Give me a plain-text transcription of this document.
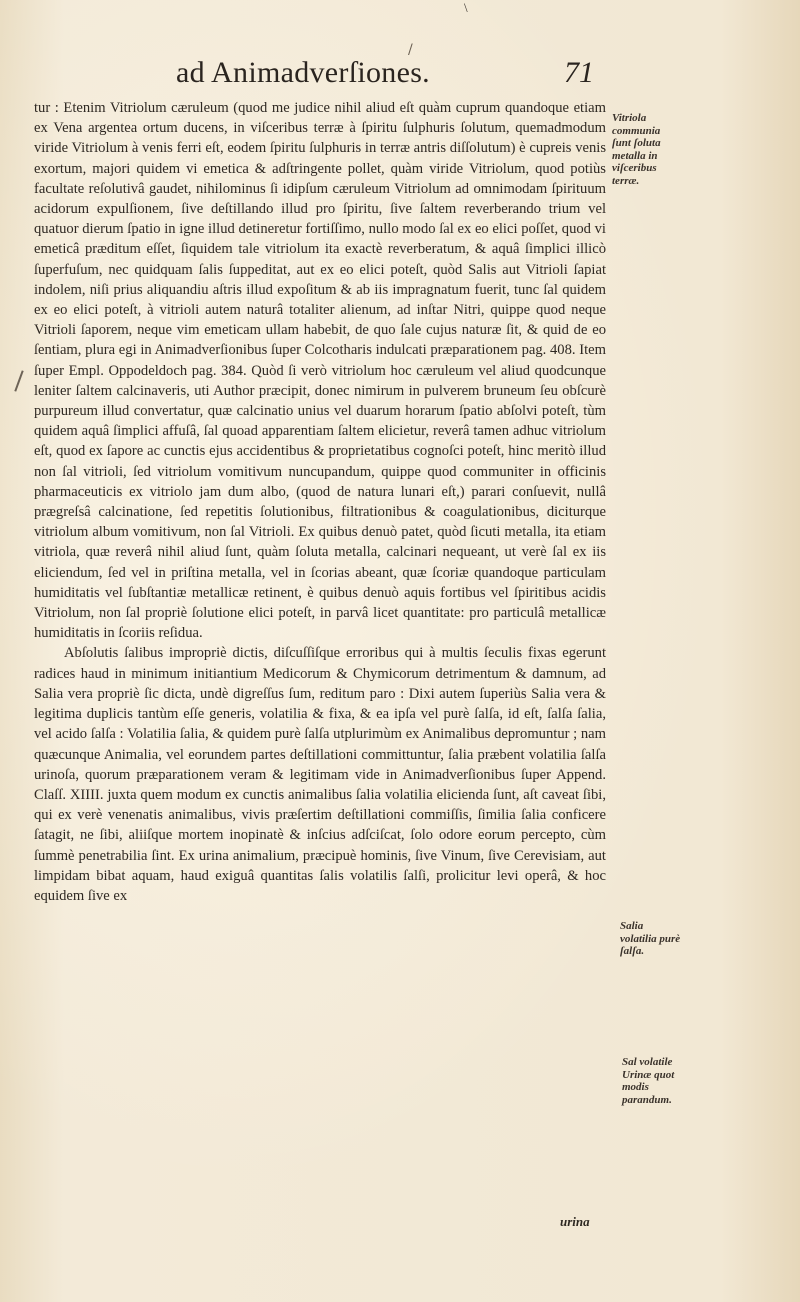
\
/
ad Animadverſiones.	71

tur : Etenim Vitriolum cæruleum (quod me judice nihil aliud eſt quàm cuprum quandoque etiam ex Vena argentea ortum ducens, in viſceribus terræ à ſpiritu ſulphuris ſolutum, quemadmodum viride Vitriolum à venis ferri eſt, eodem ſpiritu ſulphuris in terræ antris diſſolutum) è cupreis venis exortum, majori quidem vi emetica & adſtringente pollet, quàm viride Vitriolum, quod potiùs facultate reſolutivâ gaudet, nihilominus ſi idipſum cæruleum Vitriolum ad omnimodam ſpirituum acidorum expulſionem, ſive deſtillando illud pro ſpiritu, ſive ſaltem reverberando trium vel quatuor dierum ſpatio in igne illud detineretur fortiſſimo, nullo modo ſal ex eo elici poſſet, quod vi emeticâ præditum eſſet, ſiquidem tale vitriolum ita exactè reverberatum, & aquâ ſimplici illicò ſuperfuſum, nec quidquam ſalis ſuppeditat, aut ex eo elici poteſt, quòd Salis aut Vitrioli ſapiat indolem, niſi prius aliquandiu aſtris illud expoſitum & ab iis impragnatum fuerit, tunc ſal quidem ex eo elici poteſt, à vitrioli autem naturâ totaliter alienum, ad inſtar Nitri, quippe quod neque Vitrioli ſaporem, neque vim emeticam ullam habebit, de quo ſale cujus naturæ ſit, & quid de eo ſentiam, plura egi in Animadverſionibus ſuper Colcotharis indulcati præparationem pag. 408. Item ſuper Empl. Oppodeldoch pag. 384. Quòd ſi verò vitriolum hoc cæruleum vel aliud quodcunque leniter ſaltem calcinaveris, uti Author præcipit, donec nimirum in pulverem bruneum ſeu obſcurè purpureum illud convertatur, quæ calcinatio unius vel duarum horarum ſpatio abſolvi poteſt, tùm quidem aquâ ſimplici affuſâ, ſal quoad apparentiam ſaltem elicietur, reverâ tamen adhuc vitriolum eſt, quod ex ſapore ac cunctis ejus accidentibus & proprietatibus cognoſci poteſt, hinc meritò illud non ſal vitrioli, ſed vitriolum vomitivum nuncupandum, quippe quod communiter in officinis pharmaceuticis ex vitriolo jam dum albo, (quod de natura lunari eſt,) parari conſuevit, nullâ prægreſsâ calcinatione, ſed repetitis ſolutionibus, filtrationibus & coagulationibus, diciturque vitriolum album vomitivum, non ſal Vitrioli. Ex quibus denuò patet, quòd ſicuti metalla, ita etiam vitriola, quæ reverâ nihil aliud ſunt, quàm ſoluta metalla, calcinari nequeant, ut verè ſal ex iis eliciendum, ſed vel in priſtina metalla, vel in ſcorias abeant, quæ ſcoriæ quandoque particulam humiditatis vel ſubſtantiæ metallicæ retinent, è quibus denuò aquis fortibus vel ſpiritibus acidis Vitriolum, non ſal propriè ſolutione elici poteſt, in parvâ licet quantitate: pro particulâ metallicæ humiditatis in ſcoriis reſidua.

Abſolutis ſalibus impropriè dictis, diſcuſſiſque erroribus qui à multis ſeculis fixas egerunt radices haud in minimum initiantium Medicorum & Chymicorum detrimentum & damnum, ad Salia vera propriè ſic dicta, undè digreſſus ſum, reditum paro : Dixi autem ſuperiùs Salia vera & legitima duplicis tantùm eſſe generis, volatilia & fixa, & ea ipſa vel purè ſalſa, id eſt, ſalſa ſalia, vel acido ſalſa : Volatilia ſalia, & quidem purè ſalſa utplurimùm ex Animalibus depromuntur ; nam quæcunque Animalia, vel eorundem partes deſtillationi committuntur, ſalia præbent volatilia ſalſa urinoſa, quorum præparationem veram & legitimam vide in Animadverſionibus ſuper Append. Claſſ. XIIII. juxta quem modum ex cunctis animalibus ſalia volatilia elicienda ſunt, aſt caveat ſibi, qui ex verè venenatis animalibus, vivis præſertim deſtillationi commiſſis, ſimilia ſalia conficere ſatagit, ne ſibi, aliiſque mortem inopinatè & inſcius adſciſcat, ſolo odore eorum percepto, cùm ſummè penetrabilia ſint. Ex urina animalium, præcipuè hominis, ſive Vinum, ſive Cerevisiam, aut limpidam bibat aquam, haud exiguâ quantitas ſalis volatilis ſalſi, prolicitur levi operâ, & hoc equidem ſive ex

Vitriola communia ſunt ſoluta metalla in viſceribus terræ.
Salia volatilia purè ſalſa.
Sal volatile Urinæ quot modis parandum.
urina
